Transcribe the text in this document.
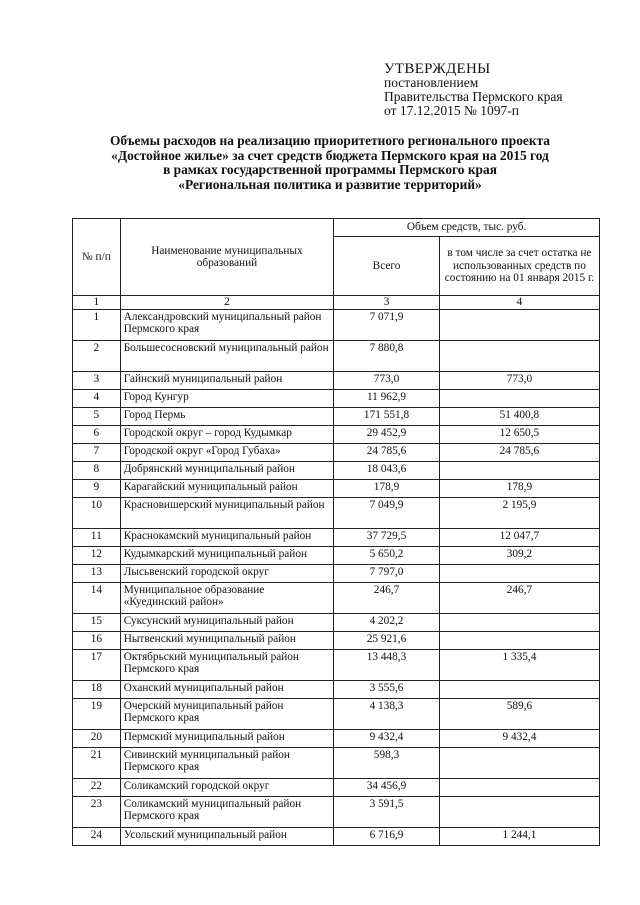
УТВЕРЖДЕНЫ
постановлением
Правительства Пермского края
от 17.12.2015 № 1097-п
Объемы расходов на реализацию приоритетного регионального проекта
«Достойное жилье» за счет средств бюджета Пермского края на 2015 год
в рамках государственной программы Пермского края
«Региональная политика и развитие территорий»
№ п/п	Наименование муниципальных образований	Объем средств, тыс. руб.	
		Всего	в том числе за счет остатка не использованных средств по состоянию на 01 января 2015 г.
1	2	3	4
1	Александровский муниципальный район Пермского края	7 071,9	
2	Большесосновский муниципальный район	7 880,8	
3	Гайнский муниципальный район	773,0	773,0
4	Город Кунгур	11 962,9	
5	Город Пермь	171 551,8	51 400,8
6	Городской округ – город Кудымкар	29 452,9	12 650,5
7	Городской округ «Город Губаха»	24 785,6	24 785,6
8	Добрянский муниципальный район	18 043,6	
9	Карагайский муниципальный район	178,9	178,9
10	Красновишерский муниципальный район	7 049,9	2 195,9
11	Краснокамский муниципальный район	37 729,5	12 047,7
12	Кудымкарский муниципальный район	5 650,2	309,2
13	Лысьвенский городской округ	7 797,0	
14	Муниципальное образование «Куединский район»	246,7	246,7
15	Суксунский муниципальный район	4 202,2	
16	Нытвенский муниципальный район	25 921,6	
17	Октябрьский муниципальный район Пермского края	13 448,3	1 335,4
18	Оханский муниципальный район	3 555,6	
19	Очерский муниципальный район Пермского края	4 138,3	589,6
20	Пермский муниципальный район	9 432,4	9 432,4
21	Сивинский муниципальный район Пермского края	598,3	
22	Соликамский городской округ	34 456,9	
23	Соликамский муниципальный район Пермского края	3 591,5	
24	Усольский муниципальный район	6 716,9	1 244,1
